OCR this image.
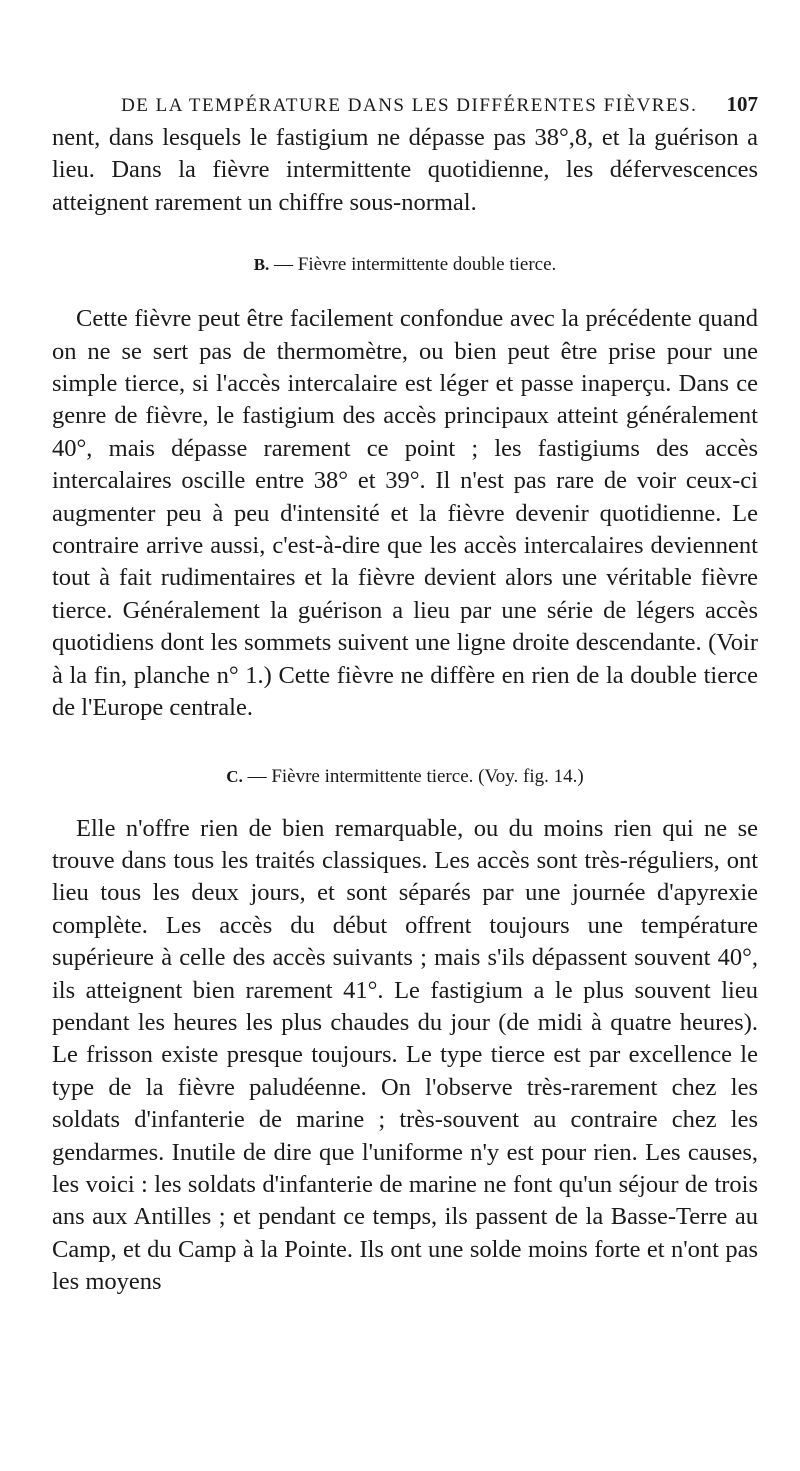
DE LA TEMPÉRATURE DANS LES DIFFÉRENTES FIÈVRES.	107

nent, dans lesquels le fastigium ne dépasse pas 38°,8, et la guérison a lieu. Dans la fièvre intermittente quotidienne, les défervescences atteignent rarement un chiffre sous-normal.

B. — Fièvre intermittente double tierce.

Cette fièvre peut être facilement confondue avec la précédente quand on ne se sert pas de thermomètre, ou bien peut être prise pour une simple tierce, si l'accès intercalaire est léger et passe inaperçu. Dans ce genre de fièvre, le fastigium des accès principaux atteint généralement 40°, mais dépasse rarement ce point ; les fastigiums des accès intercalaires oscille entre 38° et 39°. Il n'est pas rare de voir ceux-ci augmenter peu à peu d'intensité et la fièvre devenir quotidienne. Le contraire arrive aussi, c'est-à-dire que les accès intercalaires deviennent tout à fait rudimentaires et la fièvre devient alors une véritable fièvre tierce. Généralement la guérison a lieu par une série de légers accès quotidiens dont les sommets suivent une ligne droite descendante. (Voir à la fin, planche n° 1.) Cette fièvre ne diffère en rien de la double tierce de l'Europe centrale.

C. — Fièvre intermittente tierce. (Voy. fig. 14.)

Elle n'offre rien de bien remarquable, ou du moins rien qui ne se trouve dans tous les traités classiques. Les accès sont très-réguliers, ont lieu tous les deux jours, et sont séparés par une journée d'apyrexie complète. Les accès du début offrent toujours une température supérieure à celle des accès suivants ; mais s'ils dépassent souvent 40°, ils atteignent bien rarement 41°. Le fastigium a le plus souvent lieu pendant les heures les plus chaudes du jour (de midi à quatre heures). Le frisson existe presque toujours. Le type tierce est par excellence le type de la fièvre paludéenne. On l'observe très-rarement chez les soldats d'infanterie de marine ; très-souvent au contraire chez les gendarmes. Inutile de dire que l'uniforme n'y est pour rien. Les causes, les voici : les soldats d'infanterie de marine ne font qu'un séjour de trois ans aux Antilles ; et pendant ce temps, ils passent de la Basse-Terre au Camp, et du Camp à la Pointe. Ils ont une solde moins forte et n'ont pas les moyens
